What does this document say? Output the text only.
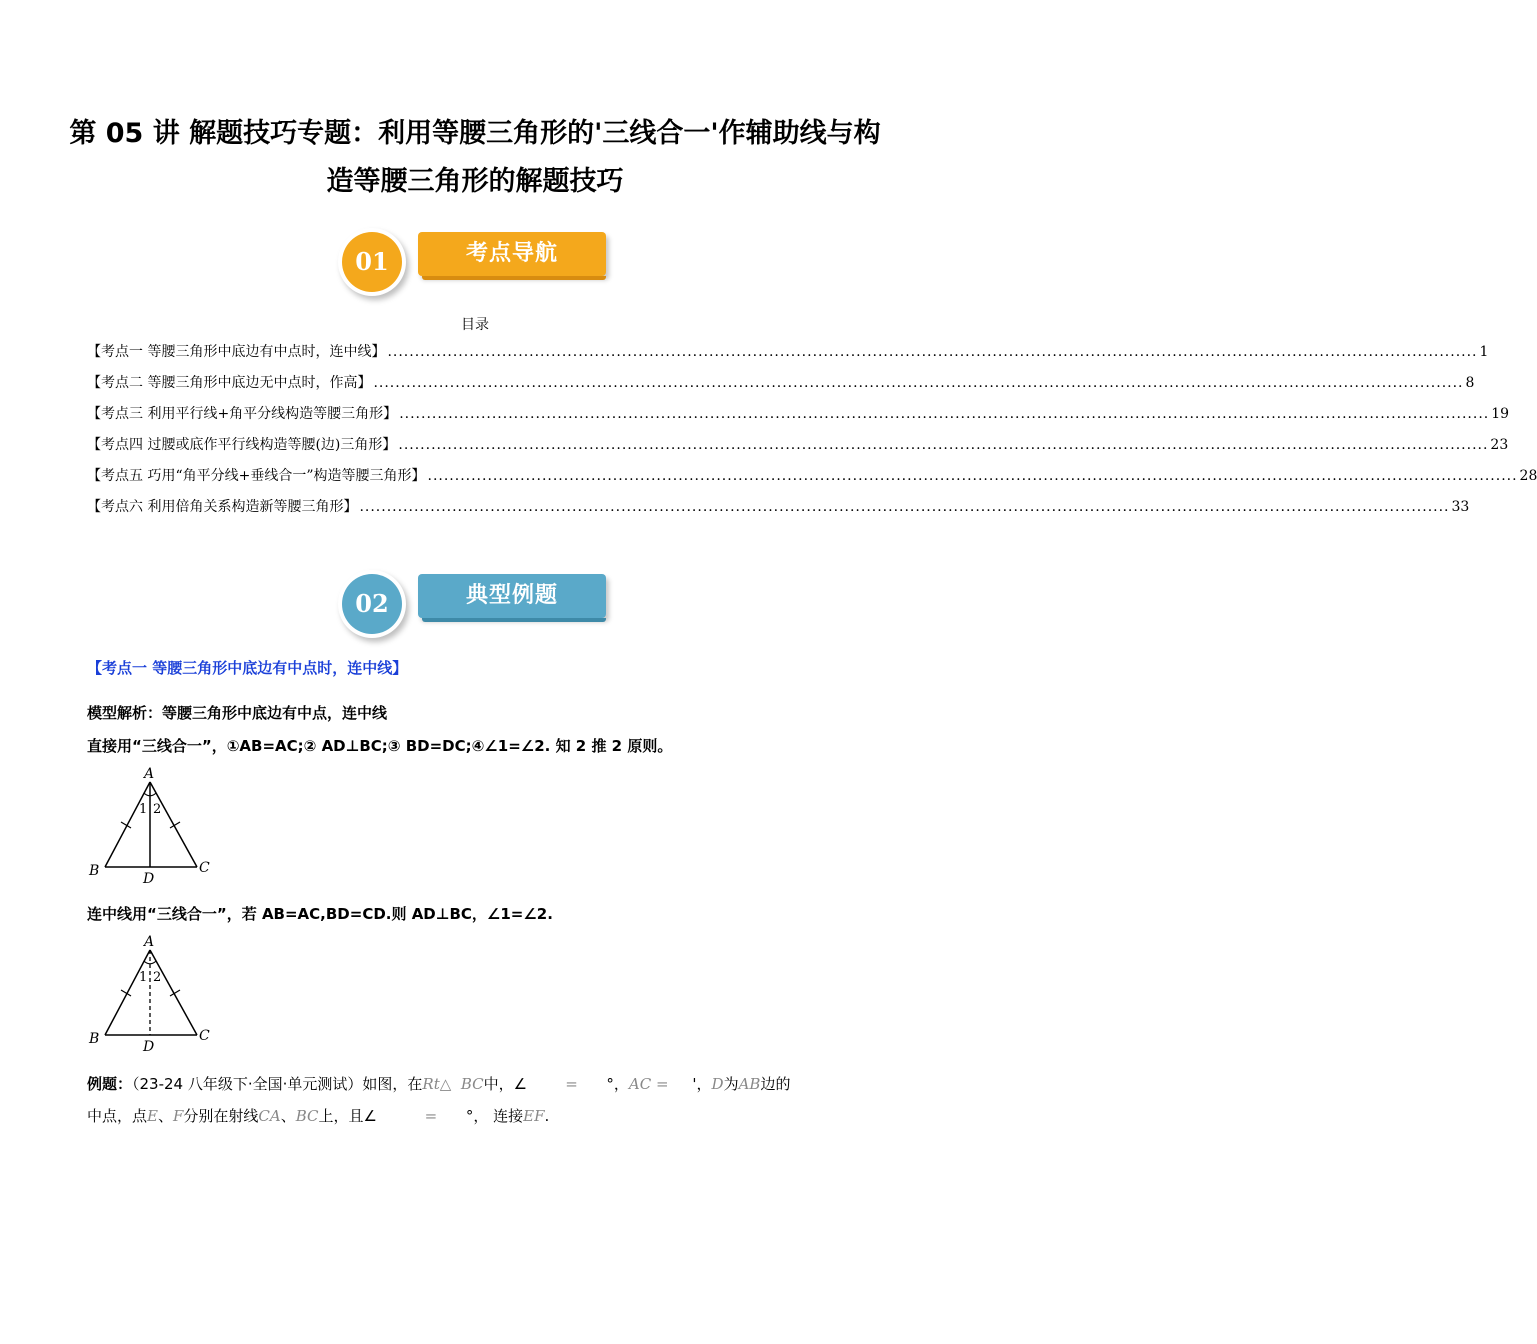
第 05 讲 解题技巧专题：利用等腰三角形的'三线合一'作辅助线与构造等腰三角形的解题技巧
01	考点导航
目录
【考点一 等腰三角形中底边有中点时，连中线】 ........................................................................................................................................................................................................ 1
【考点二 等腰三角形中底边无中点时，作高】 ........................................................................................................................................................................................................ 8
【考点三 利用平行线+角平分线构造等腰三角形】 ........................................................................................................................................................................................................ 19
【考点四 过腰或底作平行线构造等腰(边)三角形】 ........................................................................................................................................................................................................ 23
【考点五 巧用“角平分线+垂线合一”构造等腰三角形】 ........................................................................................................................................................................................................ 28
【考点六 利用倍角关系构造新等腰三角形】 ........................................................................................................................................................................................................ 33
02	典型例题
【考点一 等腰三角形中底边有中点时，连中线】
模型解析：等腰三角形中底边有中点，连中线
直接用“三线合一”，①AB=AC;② AD⊥BC;③ BD=DC;④∠1=∠2. 知 2 推 2 原则。
A
B	C
D
1 2
连中线用“三线合一”，若 AB=AC,BD=CD.则 AD⊥BC，∠1=∠2.
A
B	C
D
1 2
例题：（23-24 八年级下·全国·单元测试）如图，在Rt△ BC中，∠	= °，AC = '，D为AB边的
中点，点E、F分别在射线CA、BC上，且∠	= °， 连接EF.
